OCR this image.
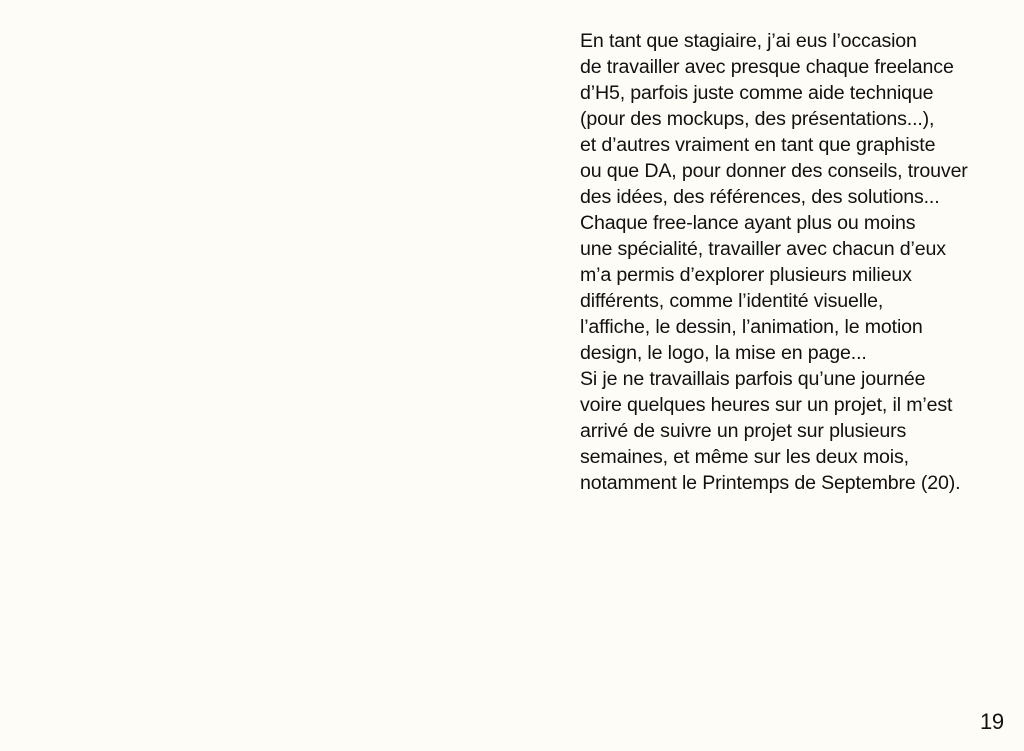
En tant que stagiaire, j’ai eus l’occasion
de travailler avec presque chaque freelance
d’H5, parfois juste comme aide technique
(pour des mockups, des présentations...),
et d’autres vraiment en tant que graphiste
ou que DA, pour donner des conseils, trouver
des idées, des références, des solutions...
Chaque free-lance ayant plus ou moins
une spécialité, travailler avec chacun d’eux
m’a permis d’explorer plusieurs milieux
différents, comme l’identité visuelle,
l’affiche, le dessin, l’animation, le motion
design, le logo, la mise en page...
Si je ne travaillais parfois qu’une journée
voire quelques heures sur un projet, il m’est
arrivé de suivre un projet sur plusieurs
semaines, et même sur les deux mois,
notamment le Printemps de Septembre (20).
19
